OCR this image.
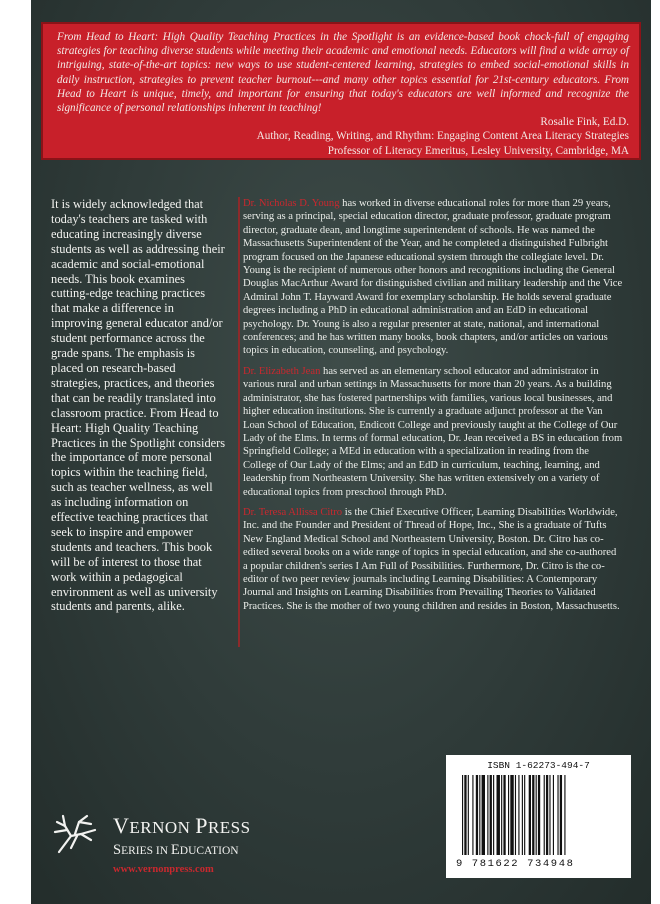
From Head to Heart: High Quality Teaching Practices in the Spotlight is an evidence-based book chock-full of engaging strategies for teaching diverse students while meeting their academic and emotional needs. Educators will find a wide array of intriguing, state-of-the-art topics: new ways to use student-centered learning, strategies to embed social-emotional skills in daily instruction, strategies to prevent teacher burnout---and many other topics essential for 21st-century educators. From Head to Heart is unique, timely, and important for ensuring that today's educators are well informed and recognize the significance of personal relationships inherent in teaching!

Rosalie Fink, Ed.D.

Author, Reading, Writing, and Rhythm: Engaging Content Area Literacy Strategies

Professor of Literacy Emeritus, Lesley University, Cambridge, MA

It is widely acknowledged that today's teachers are tasked with educating increasingly diverse students as well as addressing their academic and social-emotional needs. This book examines cutting-edge teaching practices that make a difference in improving general educator and/or student performance across the grade spans. The emphasis is placed on research-based strategies, practices, and theories that can be readily translated into classroom practice. From Head to Heart: High Quality Teaching Practices in the Spotlight considers the importance of more personal topics within the teaching field, such as teacher wellness, as well as including information on effective teaching practices that seek to inspire and empower students and teachers. This book will be of interest to those that work within a pedagogical environment as well as university students and parents, alike.

Dr. Nicholas D. Young has worked in diverse educational roles for more than 29 years, serving as a principal, special education director, graduate professor, graduate program director, graduate dean, and longtime superintendent of schools. He was named the Massachusetts Superintendent of the Year, and he completed a distinguished Fulbright program focused on the Japanese educational system through the collegiate level. Dr. Young is the recipient of numerous other honors and recognitions including the General Douglas MacArthur Award for distinguished civilian and military leadership and the Vice Admiral John T. Hayward Award for exemplary scholarship. He holds several graduate degrees including a PhD in educational administration and an EdD in educational psychology. Dr. Young is also a regular presenter at state, national, and international conferences; and he has written many books, book chapters, and/or articles on various topics in education, counseling, and psychology.

Dr. Elizabeth Jean has served as an elementary school educator and administrator in various rural and urban settings in Massachusetts for more than 20 years. As a building administrator, she has fostered partnerships with families, various local businesses, and higher education institutions. She is currently a graduate adjunct professor at the Van Loan School of Education, Endicott College and previously taught at the College of Our Lady of the Elms. In terms of formal education, Dr. Jean received a BS in education from Springfield College; a MEd in education with a specialization in reading from the College of Our Lady of the Elms; and an EdD in curriculum, teaching, learning, and leadership from Northeastern University. She has written extensively on a variety of educational topics from preschool through PhD.

Dr. Teresa Allissa Citro is the Chief Executive Officer, Learning Disabilities Worldwide, Inc. and the Founder and President of Thread of Hope, Inc., She is a graduate of Tufts New England Medical School and Northeastern University, Boston. Dr. Citro has co-edited several books on a wide range of topics in special education, and she co-authored a popular children's series I Am Full of Possibilities. Furthermore, Dr. Citro is the co-editor of two peer review journals including Learning Disabilities: A Contemporary Journal and Insights on Learning Disabilities from Prevailing Theories to Validated Practices. She is the mother of two young children and resides in Boston, Massachusetts.

VERNON PRESS
SERIES IN EDUCATION
www.vernonpress.com
ISBN 1-62273-494-7
9 781622 734948
